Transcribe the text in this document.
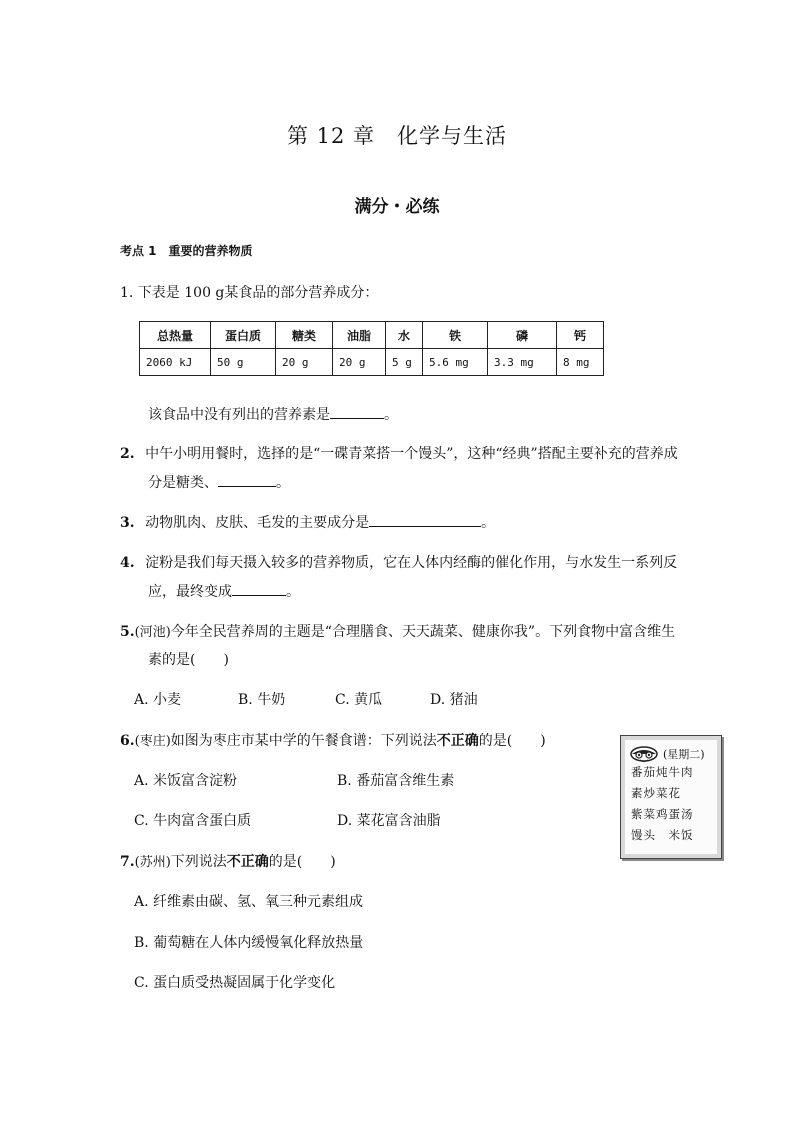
第 12 章　化学与生活
满分・必练
考点 1　重要的营养物质
1. 下表是 100 g某食品的部分营养成分：
总热量	蛋白质	糖类	油脂	水	铁	磷	钙
2060 kJ	50 g	20 g	20 g	5 g	5.6 mg	3.3 mg	8 mg
该食品中没有列出的营养素是	。
2. 中午小明用餐时，选择的是“一碟青菜搭一个馒头”，这种“经典”搭配主要补充的营养成
分是糖类、	。
3. 动物肌肉、皮肤、毛发的主要成分是	。
4. 淀粉是我们每天摄入较多的营养物质，它在人体内经酶的催化作用，与水发生一系列反
应，最终变成	。
5.(河池)今年全民营养周的主题是“合理膳食、天天蔬菜、健康你我”。下列食物中富含维生
素的是(　　)
A. 小麦	B. 牛奶	C. 黄瓜	D. 猪油
6.(枣庄)如图为枣庄市某中学的午餐食谱：下列说法不正确的是(　　)
A. 米饭富含淀粉	B. 番茄富含维生素
C. 牛肉富含蛋白质	D. 菜花富含油脂
(星期二)
番茄炖牛肉
素炒菜花
紫菜鸡蛋汤
馒头　米饭
7.(苏州)下列说法不正确的是(　　)
A. 纤维素由碳、氢、氧三种元素组成
B. 葡萄糖在人体内缓慢氧化释放热量
C. 蛋白质受热凝固属于化学变化
